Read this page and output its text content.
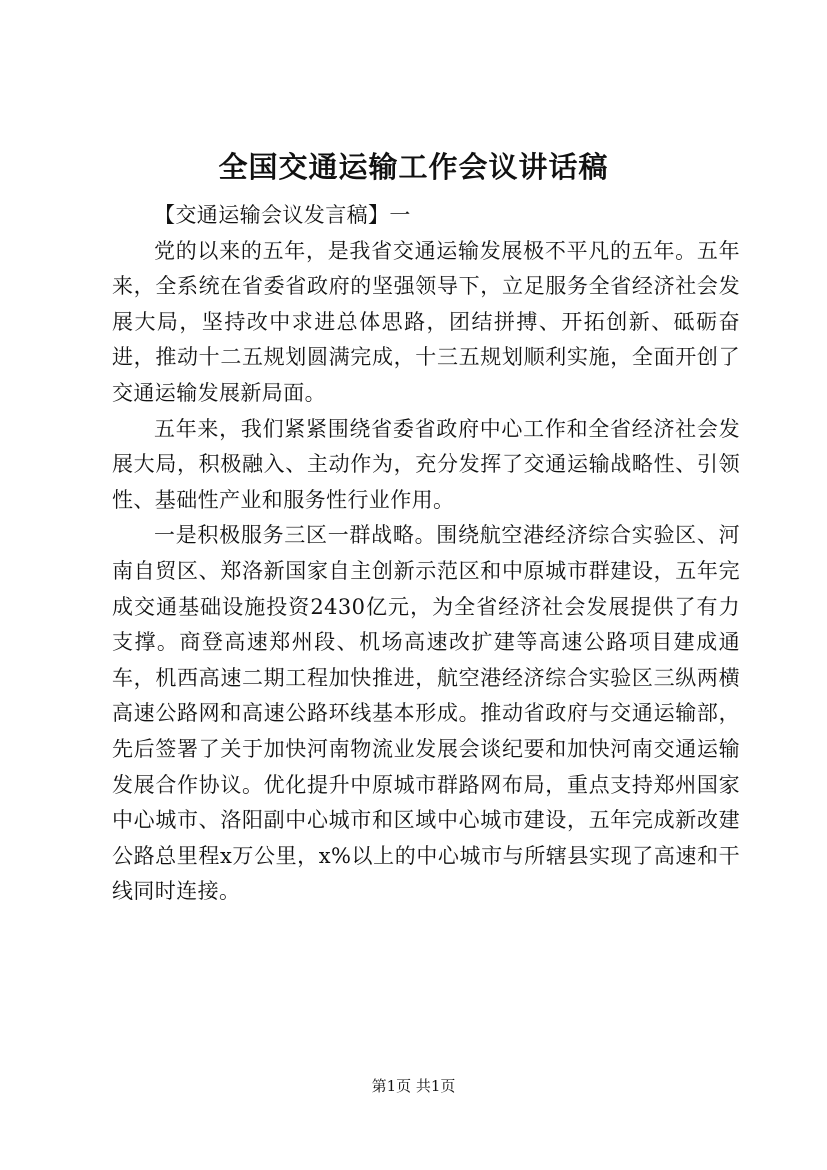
全国交通运输工作会议讲话稿

【交通运输会议发言稿】一

党的以来的五年，是我省交通运输发展极不平凡的五年。五年来，全系统在省委省政府的坚强领导下，立足服务全省经济社会发展大局，坚持改中求进总体思路，团结拼搏、开拓创新、砥砺奋进，推动十二五规划圆满完成，十三五规划顺利实施，全面开创了交通运输发展新局面。

五年来，我们紧紧围绕省委省政府中心工作和全省经济社会发展大局，积极融入、主动作为，充分发挥了交通运输战略性、引领性、基础性产业和服务性行业作用。

一是积极服务三区一群战略。围绕航空港经济综合实验区、河南自贸区、郑洛新国家自主创新示范区和中原城市群建设，五年完成交通基础设施投资2430亿元，为全省经济社会发展提供了有力支撑。商登高速郑州段、机场高速改扩建等高速公路项目建成通车，机西高速二期工程加快推进，航空港经济综合实验区三纵两横高速公路网和高速公路环线基本形成。推动省政府与交通运输部，先后签署了关于加快河南物流业发展会谈纪要和加快河南交通运输发展合作协议。优化提升中原城市群路网布局，重点支持郑州国家中心城市、洛阳副中心城市和区域中心城市建设，五年完成新改建公路总里程x万公里，x%以上的中心城市与所辖县实现了高速和干线同时连接。

第1页 共1页
